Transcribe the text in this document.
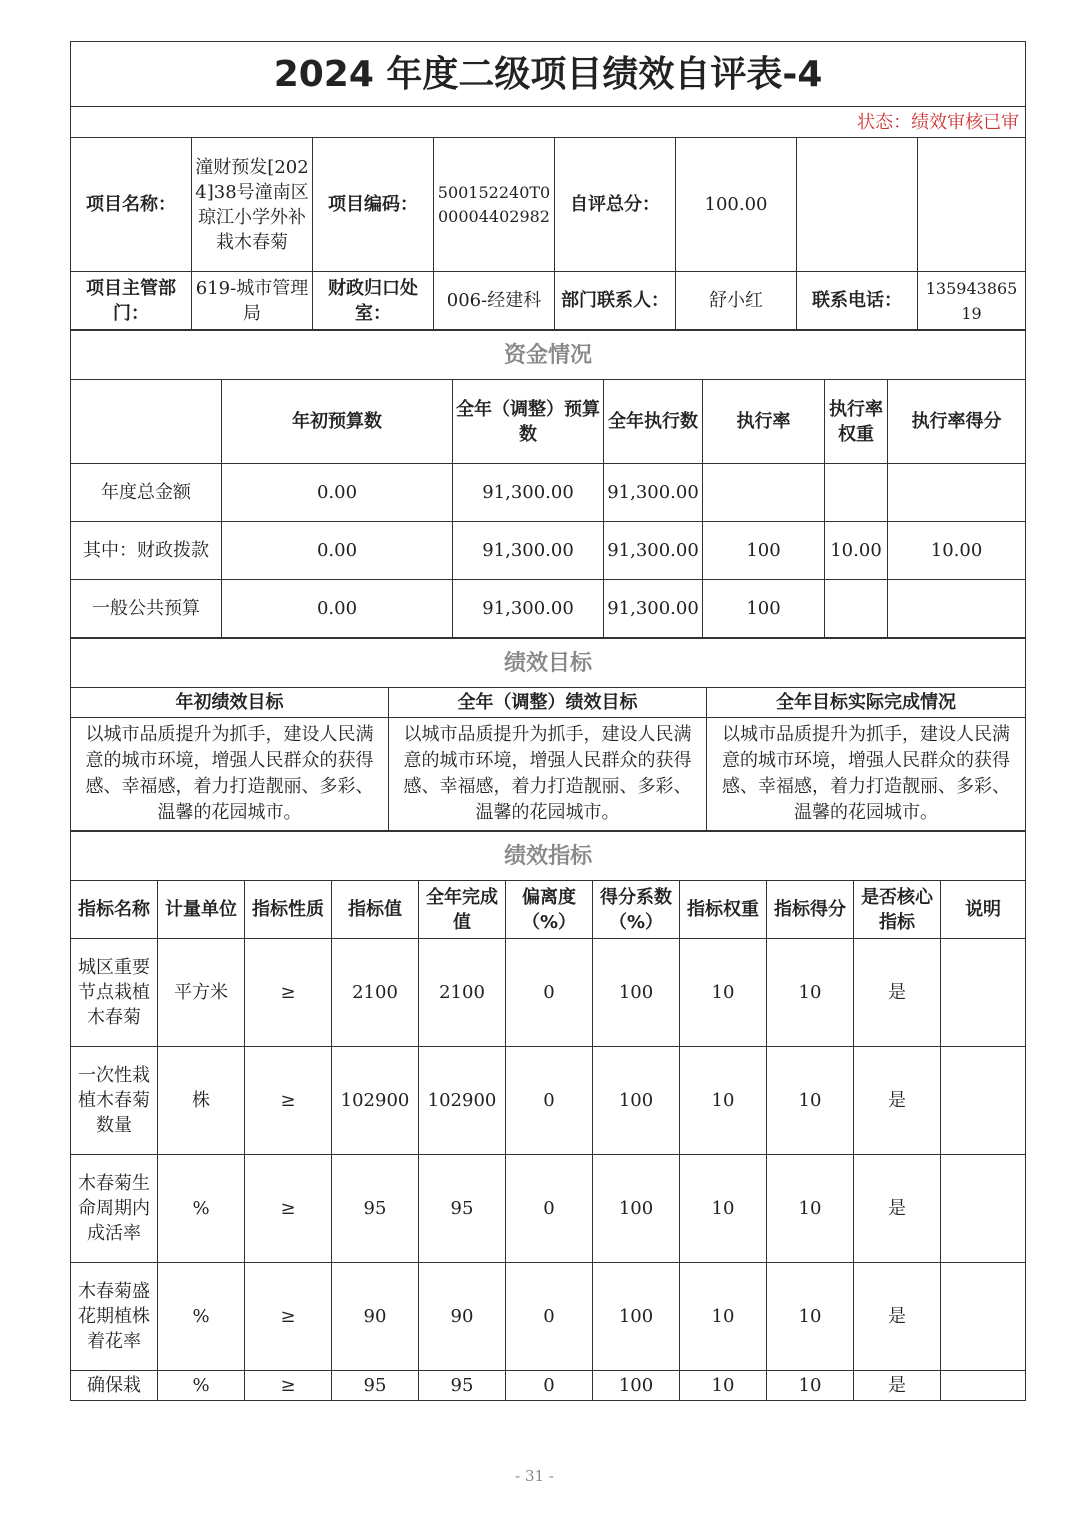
2024 年度二级项目绩效自评表-4							
状态：绩效审核已审							
项目名称：	潼财预发[2024]38号潼南区琼江小学外补栽木春菊	项目编码：	500152240T000004402982	自评总分：	100.00		
项目主管部门：	619-城市管理局	财政归口处室：	006-经建科	部门联系人：	舒小红	联系电话：	13594386519
资金情况						
	年初预算数	全年（调整）预算数	全年执行数	执行率	执行率权重	执行率得分
年度总金额	0.00	91,300.00	91,300.00			
其中：财政拨款	0.00	91,300.00	91,300.00	100	10.00	10.00
一般公共预算	0.00	91,300.00	91,300.00	100		
绩效目标		
年初绩效目标	全年（调整）绩效目标	全年目标实际完成情况
以城市品质提升为抓手，建设人民满意的城市环境，增强人民群众的获得感、幸福感，着力打造靓丽、多彩、温馨的花园城市。	以城市品质提升为抓手，建设人民满意的城市环境，增强人民群众的获得感、幸福感，着力打造靓丽、多彩、温馨的花园城市。	以城市品质提升为抓手，建设人民满意的城市环境，增强人民群众的获得感、幸福感，着力打造靓丽、多彩、温馨的花园城市。
绩效指标										
指标名称	计量单位	指标性质	指标值	全年完成值	偏离度（%）	得分系数（%）	指标权重	指标得分	是否核心指标	说明
城区重要节点栽植木春菊	平方米	≥	2100	2100	0	100	10	10	是	
一次性栽植木春菊数量	株	≥	102900	102900	0	100	10	10	是	
木春菊生命周期内成活率	%	≥	95	95	0	100	10	10	是	
木春菊盛花期植株着花率	%	≥	90	90	0	100	10	10	是	
确保栽	%	≥	95	95	0	100	10	10	是	
- 31 -
